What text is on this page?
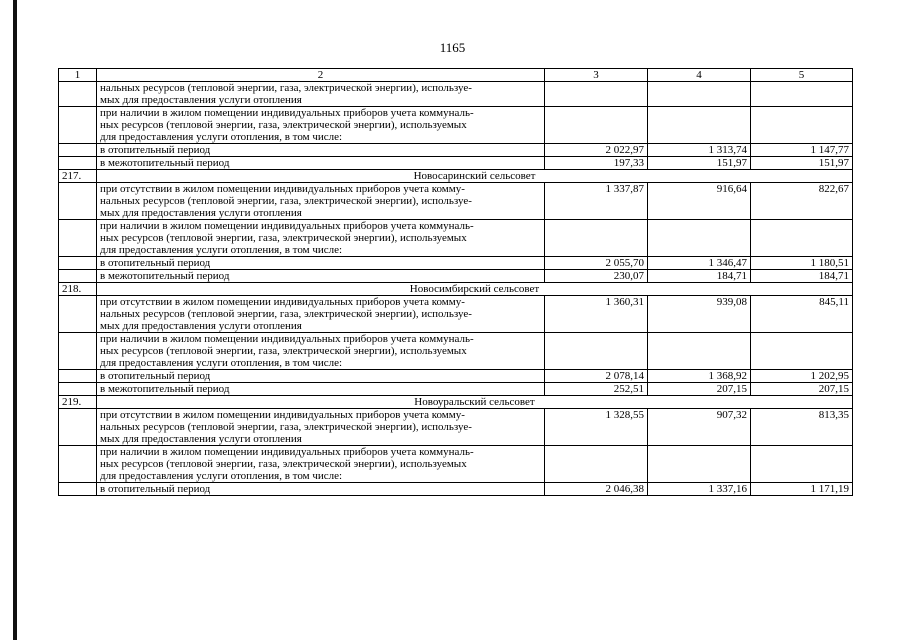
1165
1	2	3	4	5

	нальных ресурсов (тепловой энергии, газа, электрической энергии), используе-
мых для предоставления услуги отопления			

	при наличии в жилом помещении индивидуальных приборов учета коммуналь-
ных ресурсов (тепловой энергии, газа, электрической энергии), используемых
для предоставления услуги отопления, в том числе:			

	в отопительный период	2 022,97	1 313,74	1 147,77

	в межотопительный период	197,33	151,97	151,97
217.	Новосаринский сельсовет			

	при отсутствии в жилом помещении индивидуальных приборов учета комму-
нальных ресурсов (тепловой энергии, газа, электрической энергии), используе-
мых для предоставления услуги отопления	1 337,87	916,64	822,67

	при наличии в жилом помещении индивидуальных приборов учета коммуналь-
ных ресурсов (тепловой энергии, газа, электрической энергии), используемых
для предоставления услуги отопления, в том числе:			

	в отопительный период	2 055,70	1 346,47	1 180,51

	в межотопительный период	230,07	184,71	184,71
218.	Новосимбирский сельсовет			

	при отсутствии в жилом помещении индивидуальных приборов учета комму-
нальных ресурсов (тепловой энергии, газа, электрической энергии), используе-
мых для предоставления услуги отопления	1 360,31	939,08	845,11

	при наличии в жилом помещении индивидуальных приборов учета коммуналь-
ных ресурсов (тепловой энергии, газа, электрической энергии), используемых
для предоставления услуги отопления, в том числе:			

	в отопительный период	2 078,14	1 368,92	1 202,95

	в межотопительный период	252,51	207,15	207,15
219.	Новоуральский сельсовет			

	при отсутствии в жилом помещении индивидуальных приборов учета комму-
нальных ресурсов (тепловой энергии, газа, электрической энергии), используе-
мых для предоставления услуги отопления	1 328,55	907,32	813,35

	при наличии в жилом помещении индивидуальных приборов учета коммуналь-
ных ресурсов (тепловой энергии, газа, электрической энергии), используемых
для предоставления услуги отопления, в том числе:			

	в отопительный период	2 046,38	1 337,16	1 171,19
